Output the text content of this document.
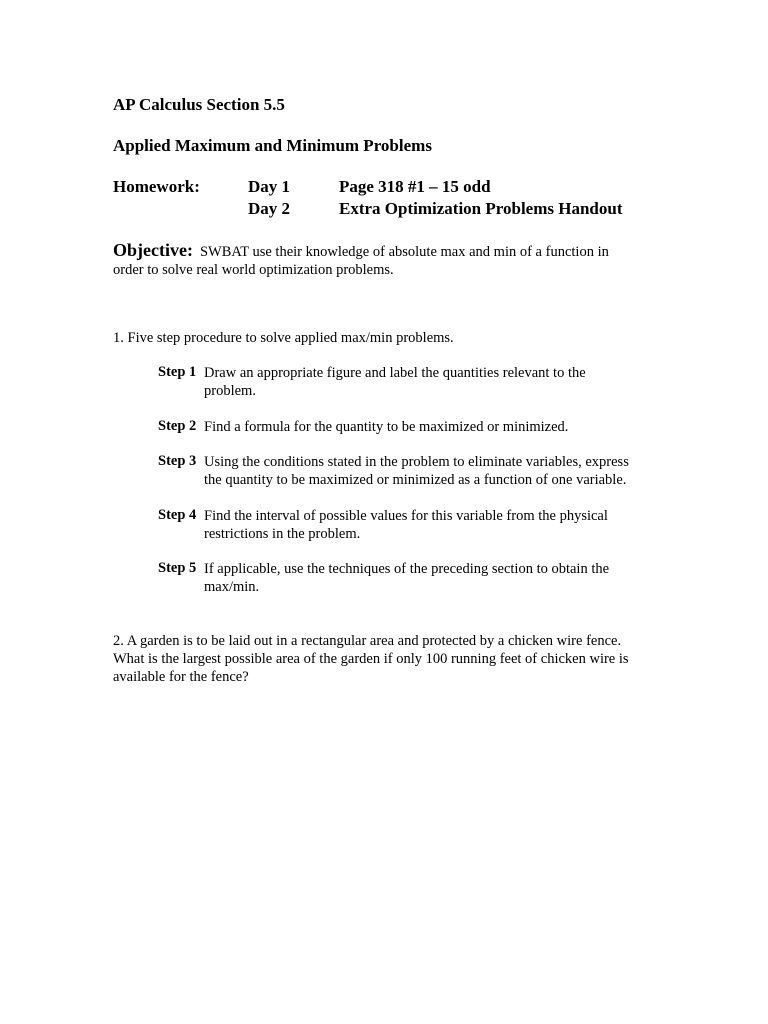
AP Calculus Section 5.5
Applied Maximum and Minimum Problems
Homework:	Day 1	Page 318 #1 – 15 odd
Day 2	Extra Optimization Problems Handout
Objective: SWBAT use their knowledge of absolute max and min of a function in
order to solve real world optimization problems.
1. Five step procedure to solve applied max/min problems.
Step 1 Draw an appropriate figure and label the quantities relevant to the
problem.
Step 2 Find a formula for the quantity to be maximized or minimized.
Step 3 Using the conditions stated in the problem to eliminate variables, express
the quantity to be maximized or minimized as a function of one variable.
Step 4 Find the interval of possible values for this variable from the physical
restrictions in the problem.
Step 5 If applicable, use the techniques of the preceding section to obtain the
max/min.
2. A garden is to be laid out in a rectangular area and protected by a chicken wire fence.
What is the largest possible area of the garden if only 100 running feet of chicken wire is
available for the fence?
